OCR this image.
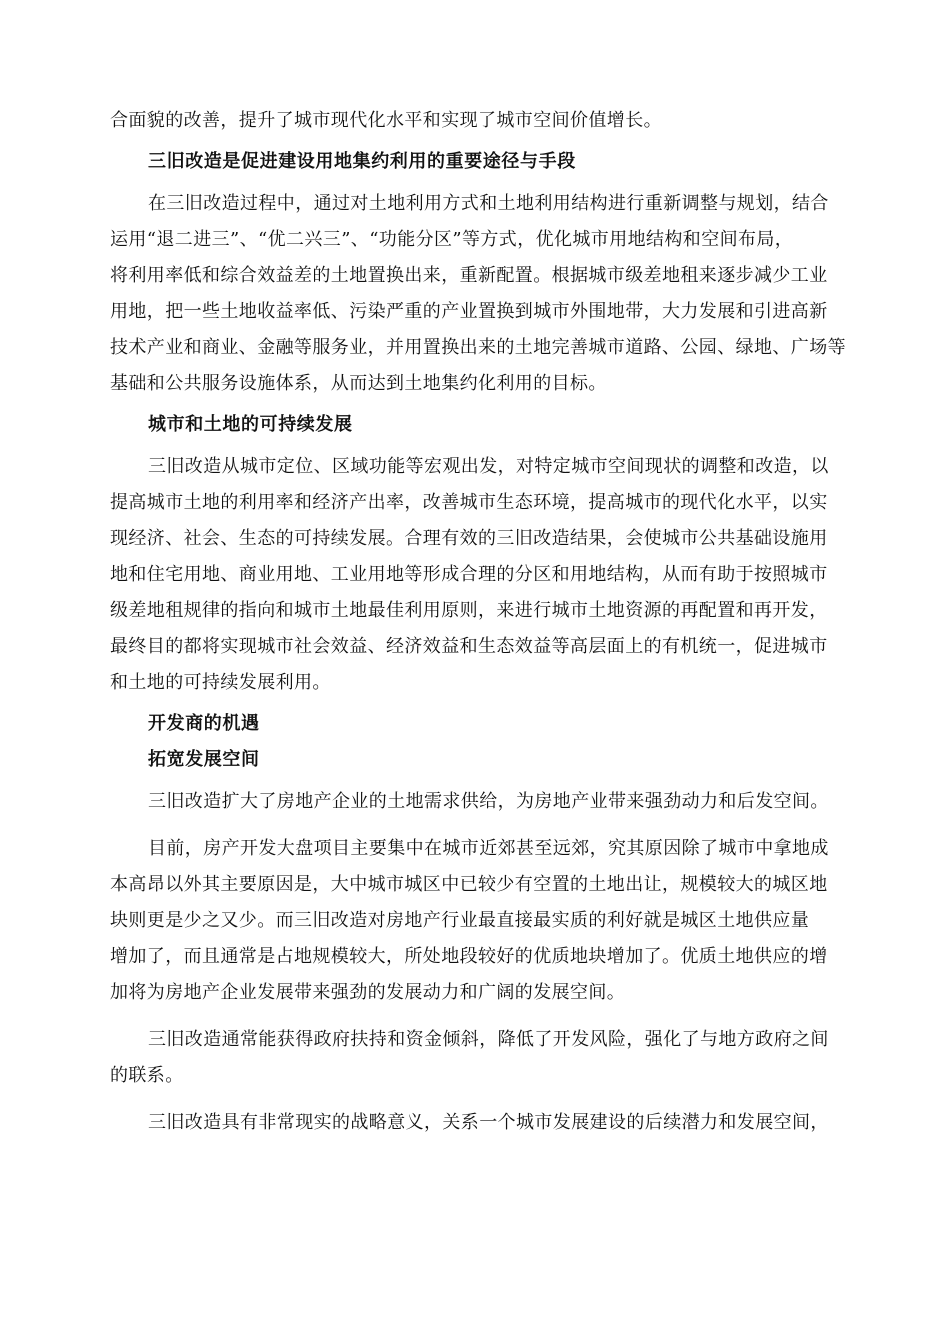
合面貌的改善，提升了城市现代化水平和实现了城市空间价值增长。
三旧改造是促进建设用地集约利用的重要途径与手段
在三旧改造过程中，通过对土地利用方式和土地利用结构进行重新调整与规划，结合
运用“退二进三”、“优二兴三”、“功能分区”等方式，优化城市用地结构和空间布局，
将利用率低和综合效益差的土地置换出来，重新配置。根据城市级差地租来逐步减少工业
用地，把一些土地收益率低、污染严重的产业置换到城市外围地带，大力发展和引进高新
技术产业和商业、金融等服务业，并用置换出来的土地完善城市道路、公园、绿地、广场等
基础和公共服务设施体系，从而达到土地集约化利用的目标。
城市和土地的可持续发展
三旧改造从城市定位、区域功能等宏观出发，对特定城市空间现状的调整和改造，以
提高城市土地的利用率和经济产出率，改善城市生态环境，提高城市的现代化水平，以实
现经济、社会、生态的可持续发展。合理有效的三旧改造结果，会使城市公共基础设施用
地和住宅用地、商业用地、工业用地等形成合理的分区和用地结构，从而有助于按照城市
级差地租规律的指向和城市土地最佳利用原则，来进行城市土地资源的再配置和再开发，
最终目的都将实现城市社会效益、经济效益和生态效益等高层面上的有机统一，促进城市
和土地的可持续发展利用。
开发商的机遇
拓宽发展空间
三旧改造扩大了房地产企业的土地需求供给，为房地产业带来强劲动力和后发空间。
目前，房产开发大盘项目主要集中在城市近郊甚至远郊，究其原因除了城市中拿地成
本高昂以外其主要原因是，大中城市城区中已较少有空置的土地出让，规模较大的城区地
块则更是少之又少。而三旧改造对房地产行业最直接最实质的利好就是城区土地供应量
增加了，而且通常是占地规模较大，所处地段较好的优质地块增加了。优质土地供应的增
加将为房地产企业发展带来强劲的发展动力和广阔的发展空间。
三旧改造通常能获得政府扶持和资金倾斜，降低了开发风险，强化了与地方政府之间
的联系。
三旧改造具有非常现实的战略意义，关系一个城市发展建设的后续潜力和发展空间，
